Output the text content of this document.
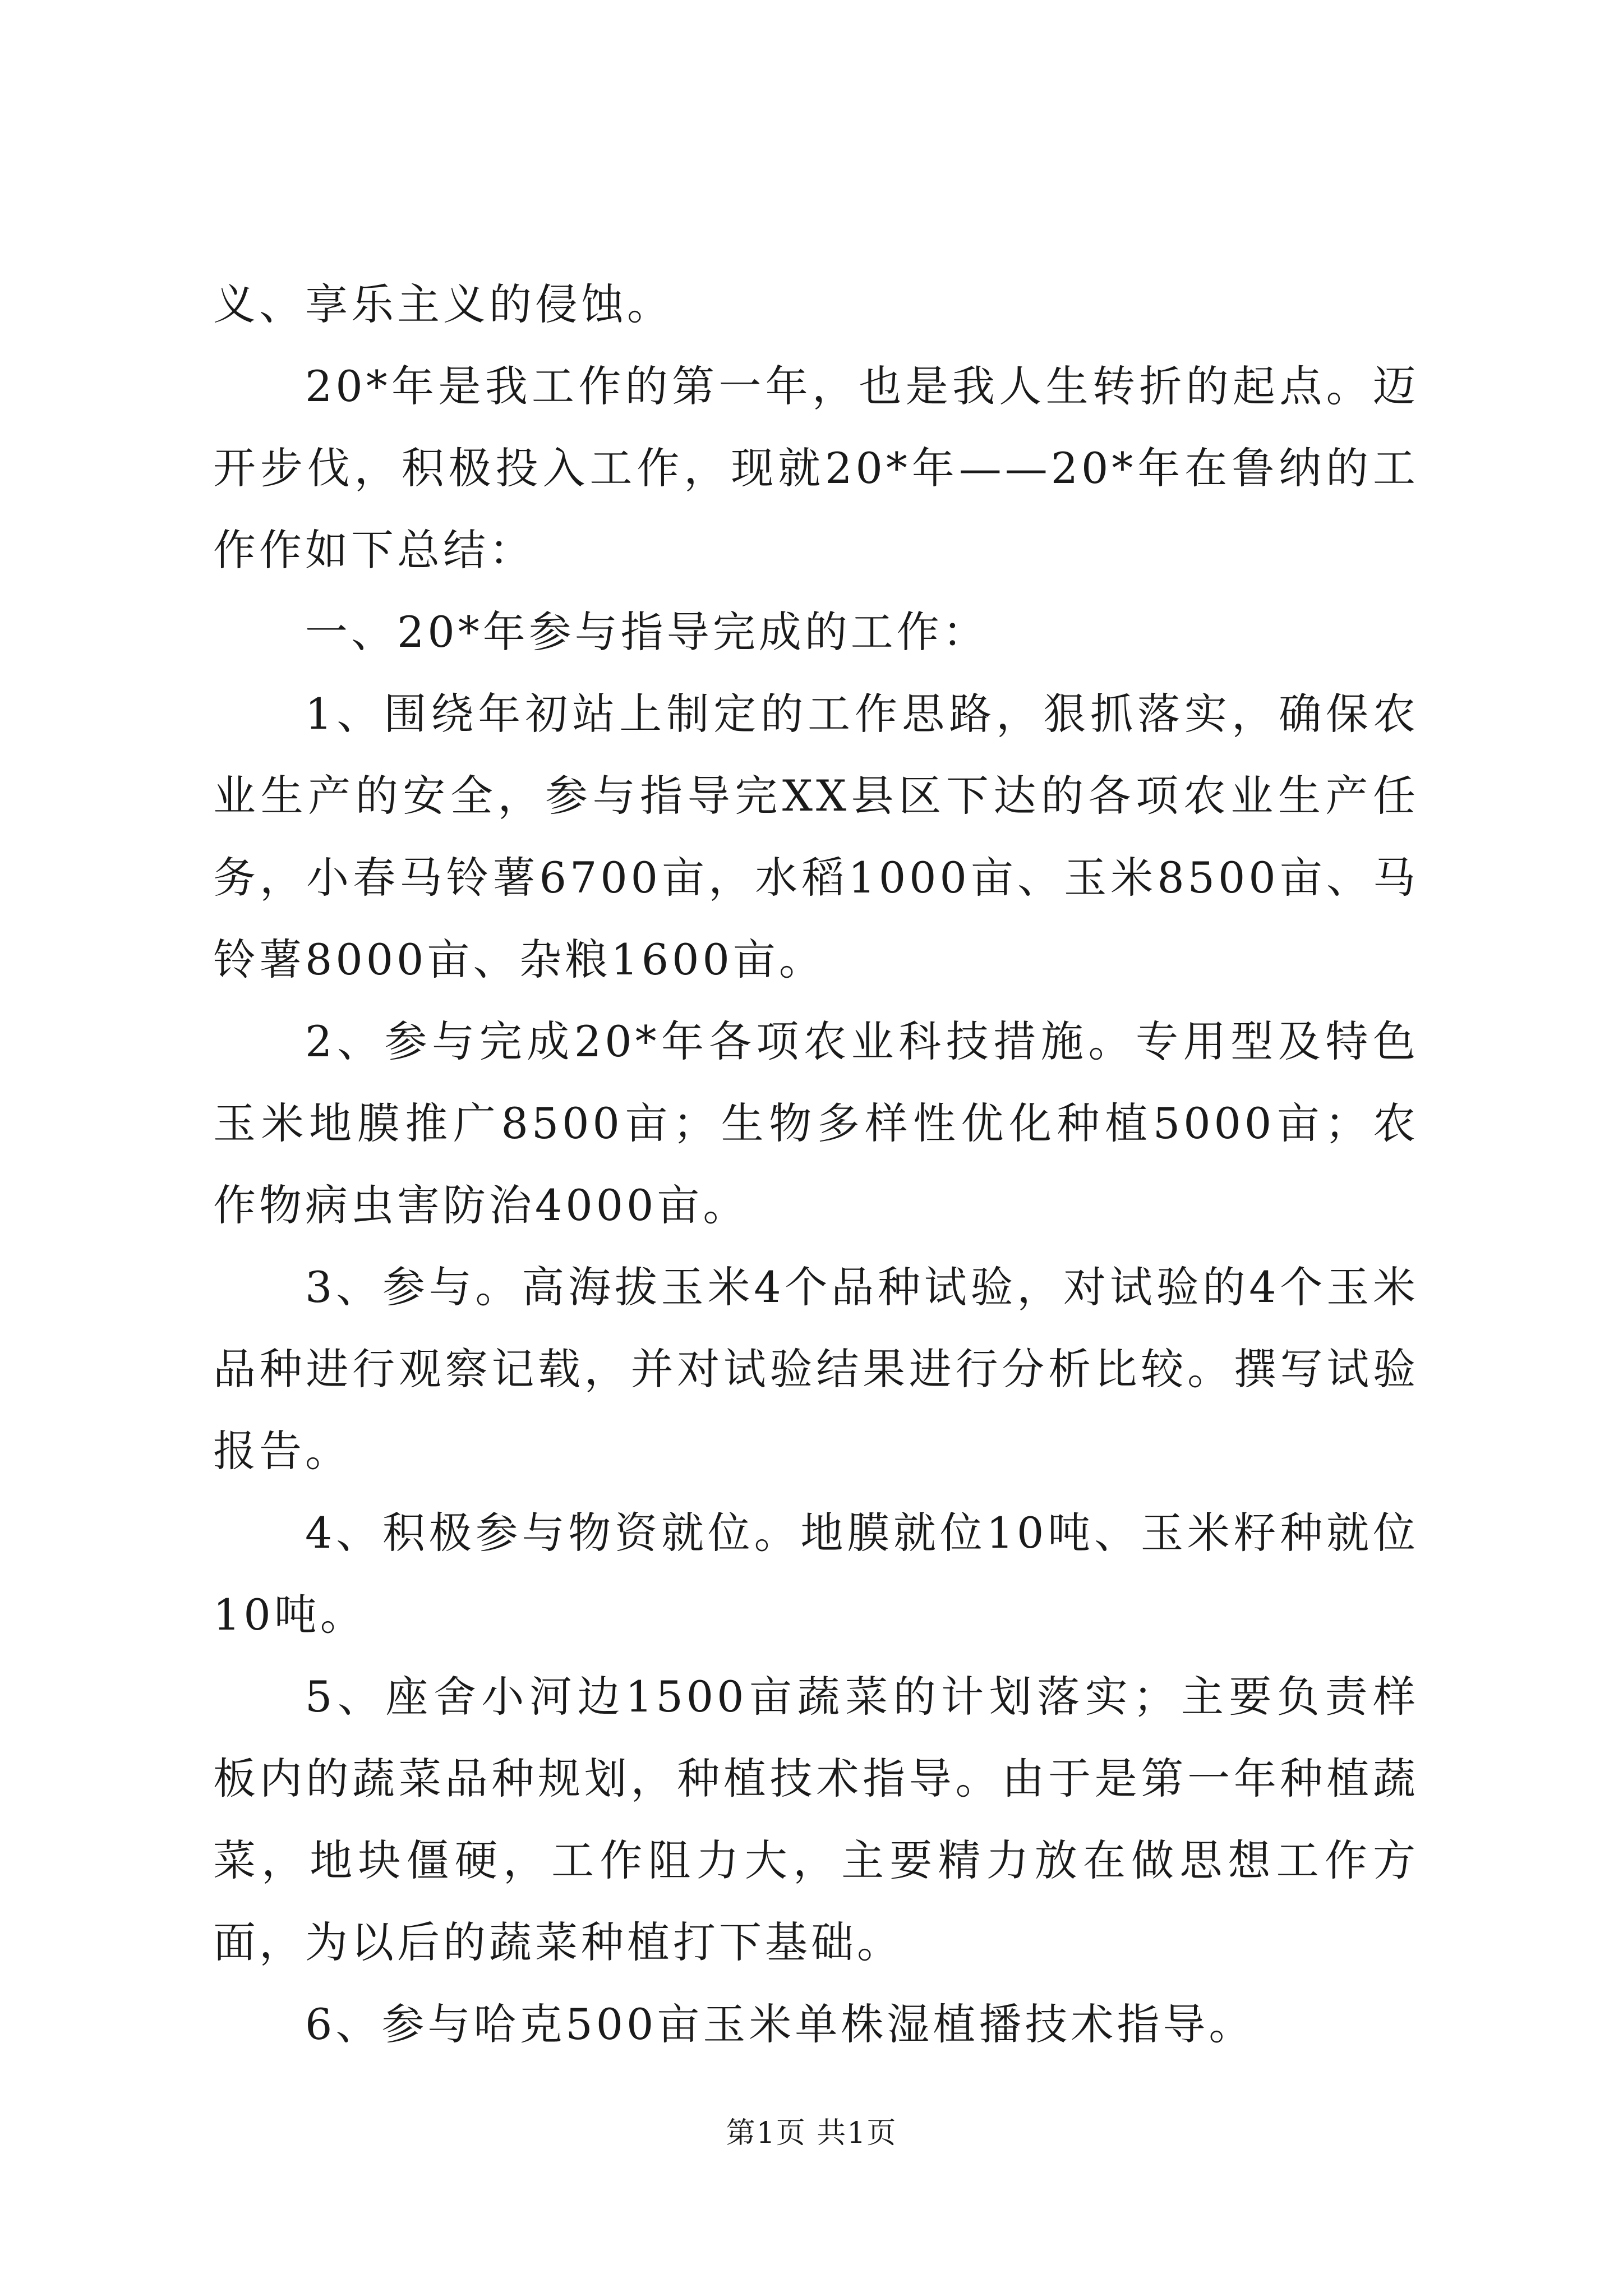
义、享乐主义的侵蚀。

20*年是我工作的第一年，也是我人生转折的起点。迈开步伐，积极投入工作，现就20*年——20*年在鲁纳的工作作如下总结：

一、20*年参与指导完成的工作：

1、围绕年初站上制定的工作思路，狠抓落实，确保农业生产的安全，参与指导完XX县区下达的各项农业生产任务，小春马铃薯6700亩，水稻1000亩、玉米8500亩、马铃薯8000亩、杂粮1600亩。

2、参与完成20*年各项农业科技措施。专用型及特色玉米地膜推广8500亩；生物多样性优化种植5000亩；农作物病虫害防治4000亩。

3、参与。高海拔玉米4个品种试验，对试验的4个玉米品种进行观察记载，并对试验结果进行分析比较。撰写试验报告。

4、积极参与物资就位。地膜就位10吨、玉米籽种就位10吨。

5、座舍小河边1500亩蔬菜的计划落实；主要负责样板内的蔬菜品种规划，种植技术指导。由于是第一年种植蔬菜，地块僵硬，工作阻力大，主要精力放在做思想工作方面，为以后的蔬菜种植打下基础。

6、参与哈克500亩玉米单株湿植播技术指导。

第1页 共1页
